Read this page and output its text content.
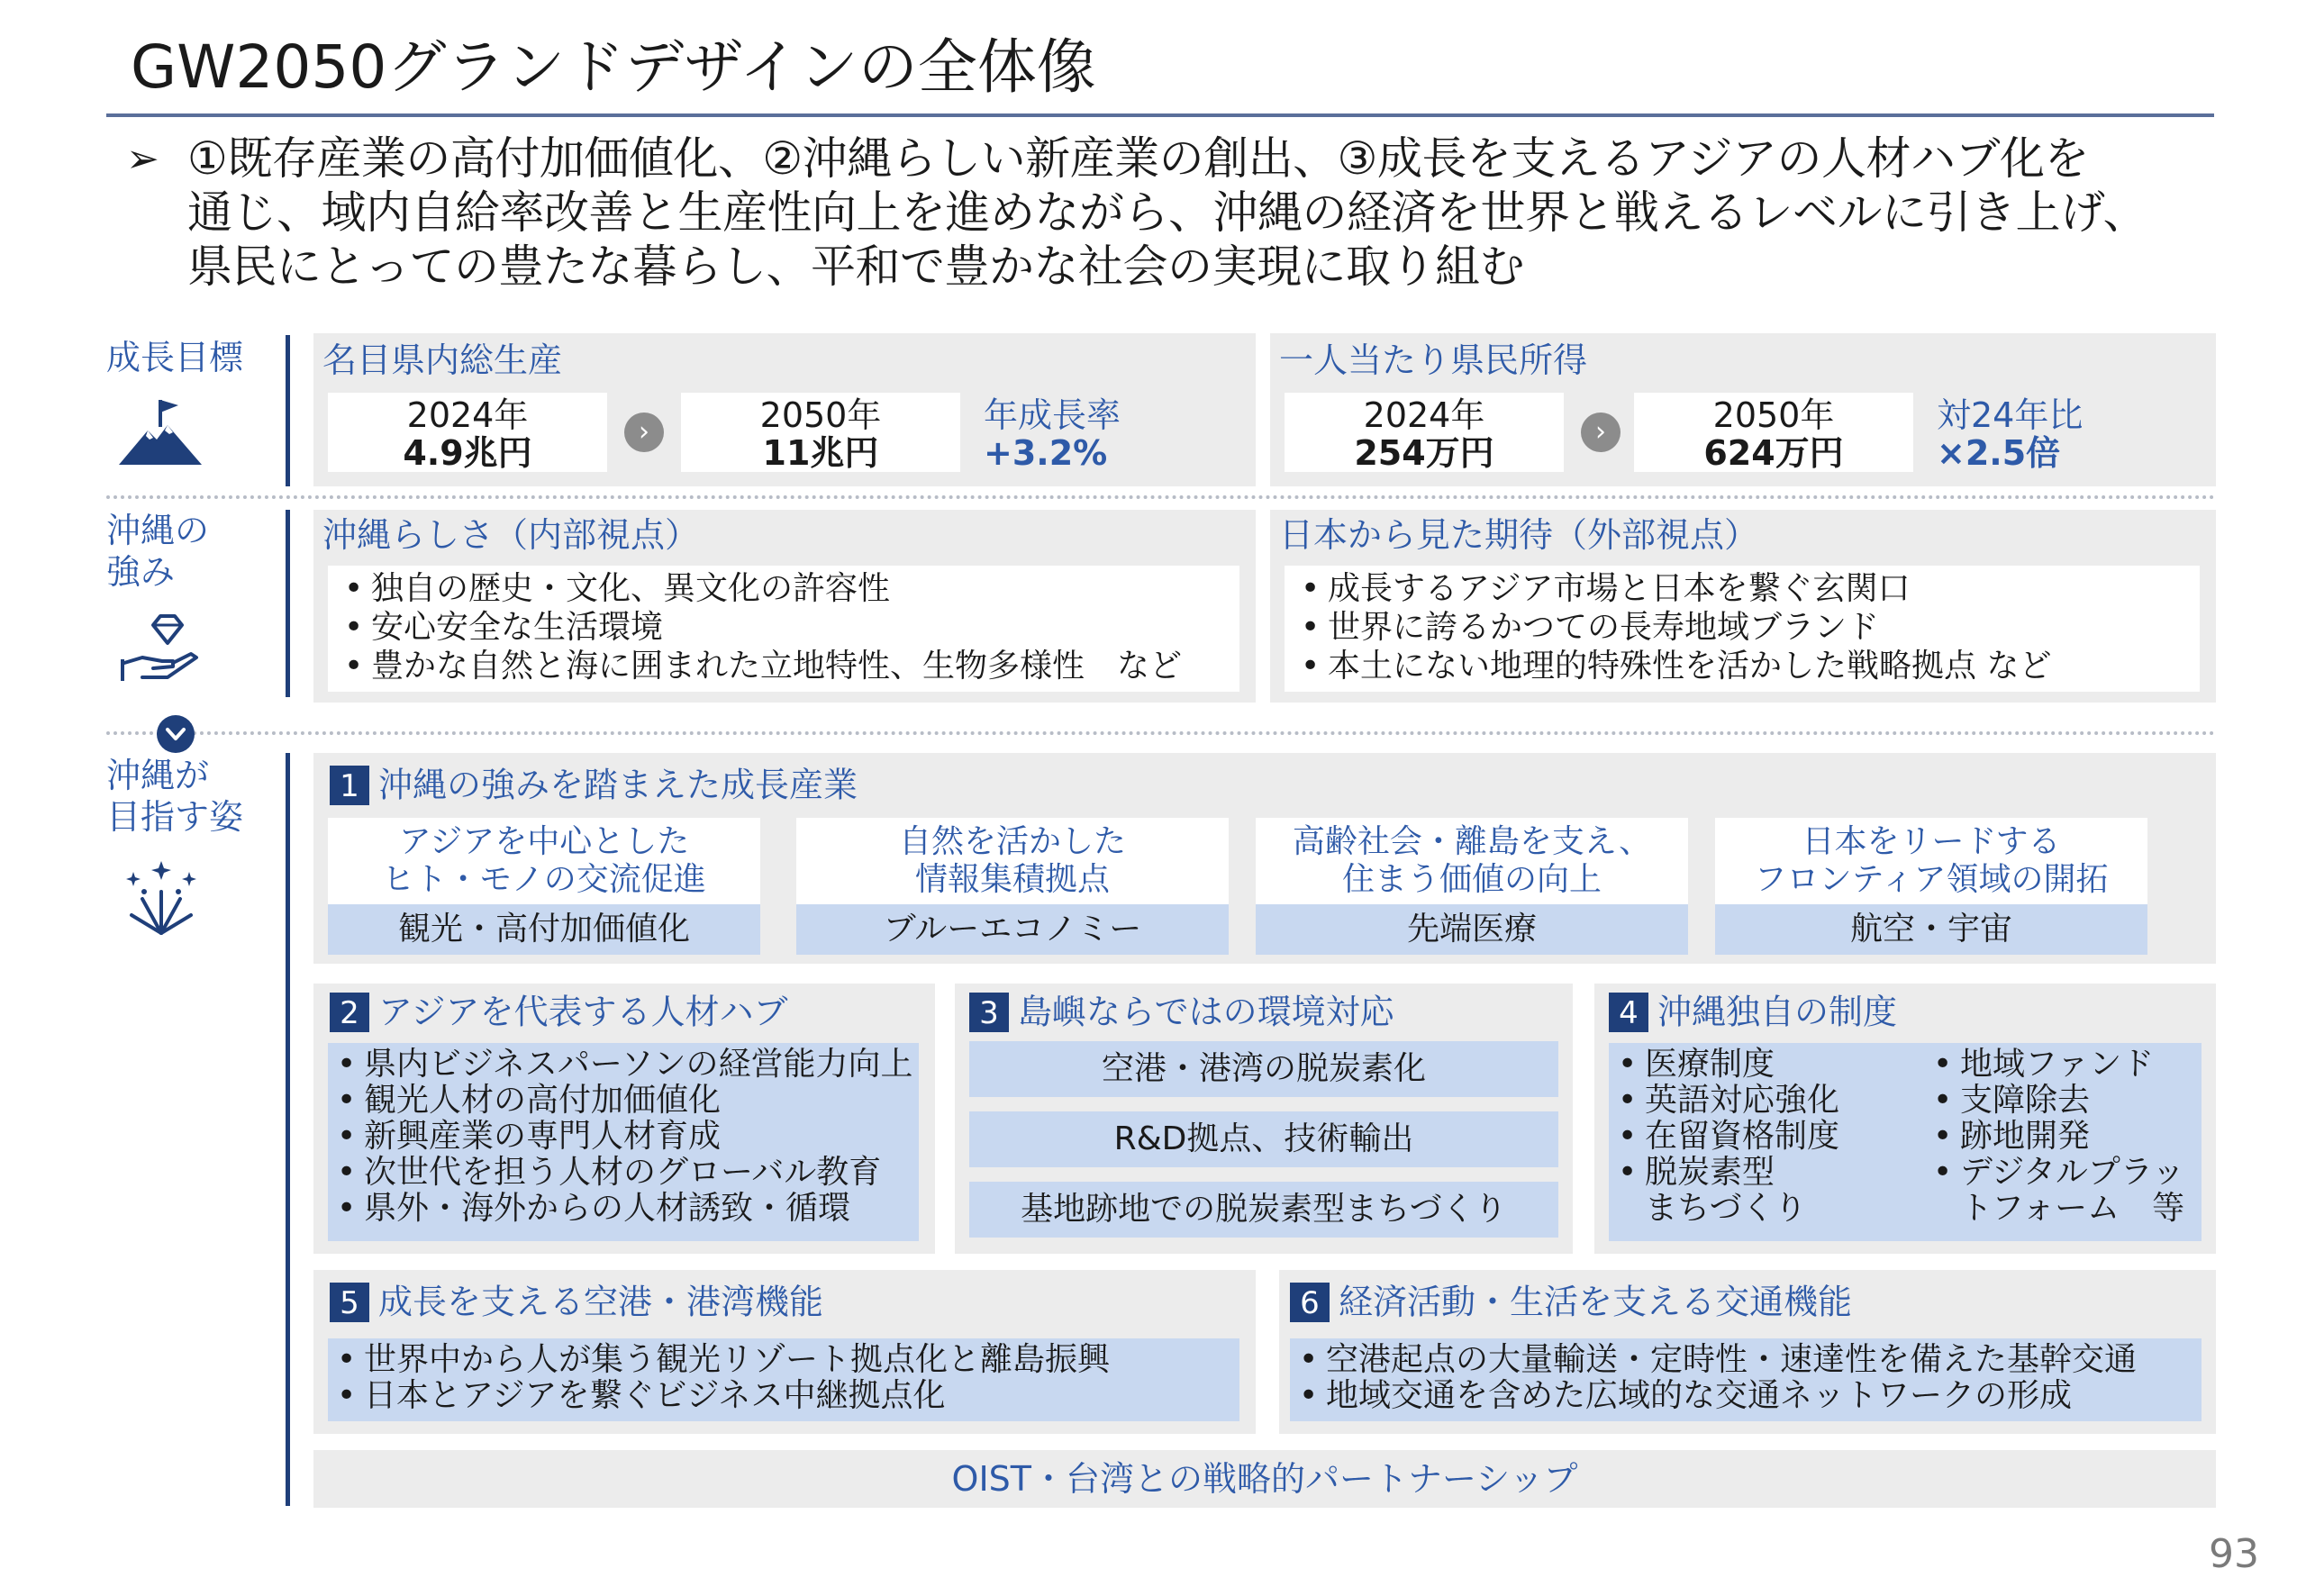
GW2050グランドデザインの全体像
➢ ①既存産業の高付加価値化、②沖縄らしい新産業の創出、③成長を支えるアジアの人材ハブ化を
通じ、域内自給率改善と生産性向上を進めながら、沖縄の経済を世界と戦えるレベルに引き上げ、
県民にとっての豊たな暮らし、平和で豊かな社会の実現に取り組む
成長目標
沖縄の
強み
沖縄が
目指す姿
名目県内総生産
2024年
4.9兆円
›	2050年
11兆円
年成長率
+3.2%
一人当たり県民所得
2024年
254万円
›	2050年
624万円
対24年比
×2.5倍
沖縄らしさ（内部視点）
• 独自の歴史・文化、異文化の許容性
• 安心安全な生活環境
• 豊かな自然と海に囲まれた立地特性、生物多様性　など
日本から見た期待（外部視点）
• 成長するアジア市場と日本を繋ぐ玄関口
• 世界に誇るかつての長寿地域ブランド
• 本土にない地理的特殊性を活かした戦略拠点 など
1 沖縄の強みを踏まえた成長産業
アジアを中心とした
ヒト・モノの交流促進
観光・高付加価値化
自然を活かした
情報集積拠点
ブルーエコノミー
高齢社会・離島を支え、
住まう価値の向上
先端医療
日本をリードする
フロンティア領域の開拓
航空・宇宙
2 アジアを代表する人材ハブ
• 県内ビジネスパーソンの経営能力向上
• 観光人材の高付加価値化
• 新興産業の専門人材育成
• 次世代を担う人材のグローバル教育
• 県外・海外からの人材誘致・循環
3 島嶼ならではの環境対応
空港・港湾の脱炭素化
R&D拠点、技術輸出
基地跡地での脱炭素型まちづくり
4 沖縄独自の制度
• 医療制度
• 英語対応強化
• 在留資格制度
• 脱炭素型
まちづくり
• 地域ファンド
• 支障除去
• 跡地開発
• デジタルプラッ
トフォーム　等
5 成長を支える空港・港湾機能
• 世界中から人が集う観光リゾート拠点化と離島振興
• 日本とアジアを繋ぐビジネス中継拠点化
6 経済活動・生活を支える交通機能
• 空港起点の大量輸送・定時性・速達性を備えた基幹交通
• 地域交通を含めた広域的な交通ネットワークの形成
OIST・台湾との戦略的パートナーシップ
93
